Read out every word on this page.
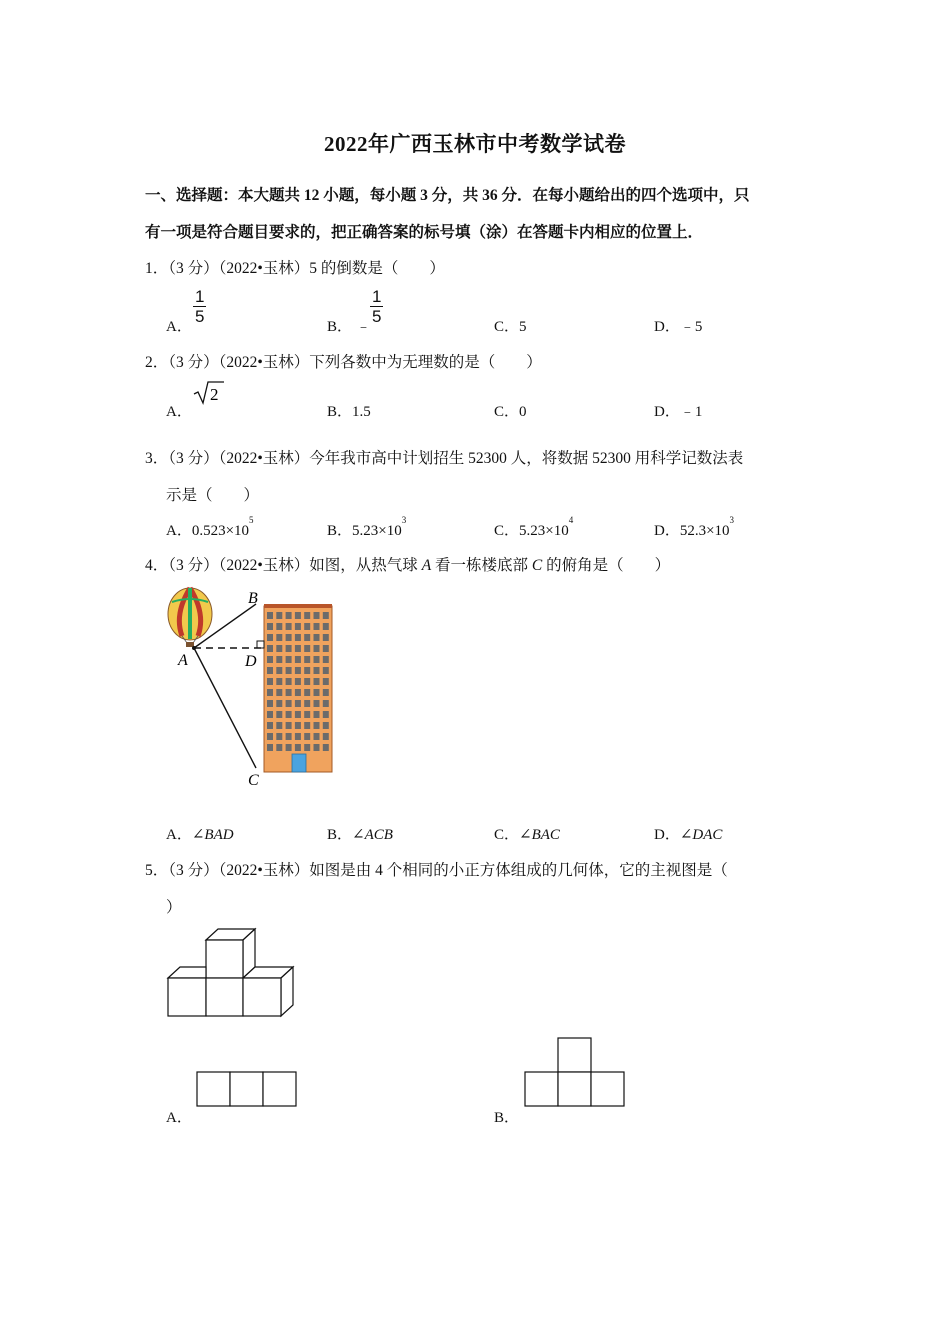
2022年广西玉林市中考数学试卷
一、选择题：本大题共 12 小题，每小题 3 分，共 36 分．在每小题给出的四个选项中，只
有一项是符合题目要求的，把正确答案的标号填（涂）在答题卡内相应的位置上．
1．（3 分）（2022•玉林）5 的倒数是（　　）
A．
$\frac{1}{5}$
B． ﹣
$\frac{1}{5}$
C．5	D．﹣5
2．（3 分）（2022•玉林）下列各数中为无理数的是（　　）
A．
2
B．1.5	C．0	D．﹣1
3．（3 分）（2022•玉林）今年我市高中计划招生 52300 人，将数据 52300 用科学记数法表
示是（　　）
A．$0.523\times 10^5$
B．$5.23\times 10^3$
C．$5.23\times 10^4$
D．$52.3\times 10^3$
4．（3 分）（2022•玉林）如图，从热气球 A 看一栋楼底部 C 的俯角是（　　）
B
A	D
C
A．∠BAD	B．∠ACB	C．∠BAC	D．∠DAC
5．（3 分）（2022•玉林）如图是由 4 个相同的小正方体组成的几何体，它的主视图是（
）
A．	B．
